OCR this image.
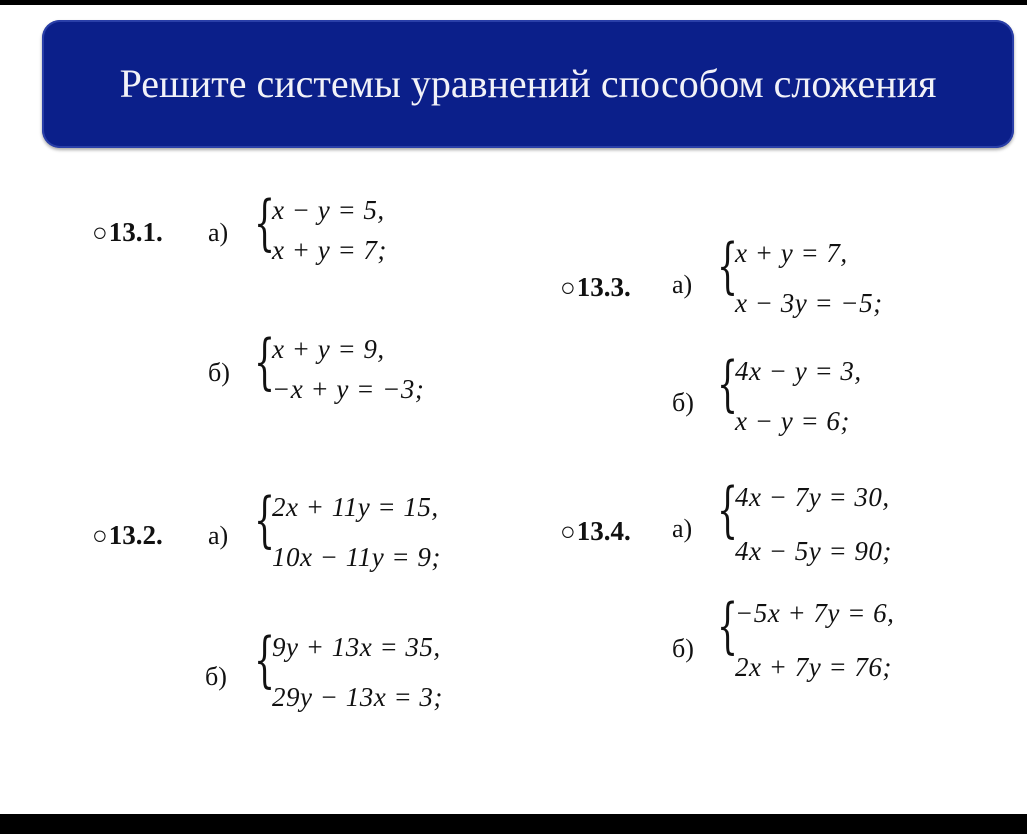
Решите системы уравнений способом сложения
○13.1. а) {
x − y = 5,
x + y = 7;
б) {
x + y = 9,
−x + y = −3;
○13.2. а) {
2x + 11y = 15,
10x − 11y = 9;
б) {
9y + 13x = 35,
29y − 13x = 3;
○13.3. а) {
x + y = 7,
x − 3y = −5;
б) {
4x − y = 3,
x − y = 6;
○13.4. а) {
4x − 7y = 30,
4x − 5y = 90;
б) {
−5x + 7y = 6,
2x + 7y = 76;
